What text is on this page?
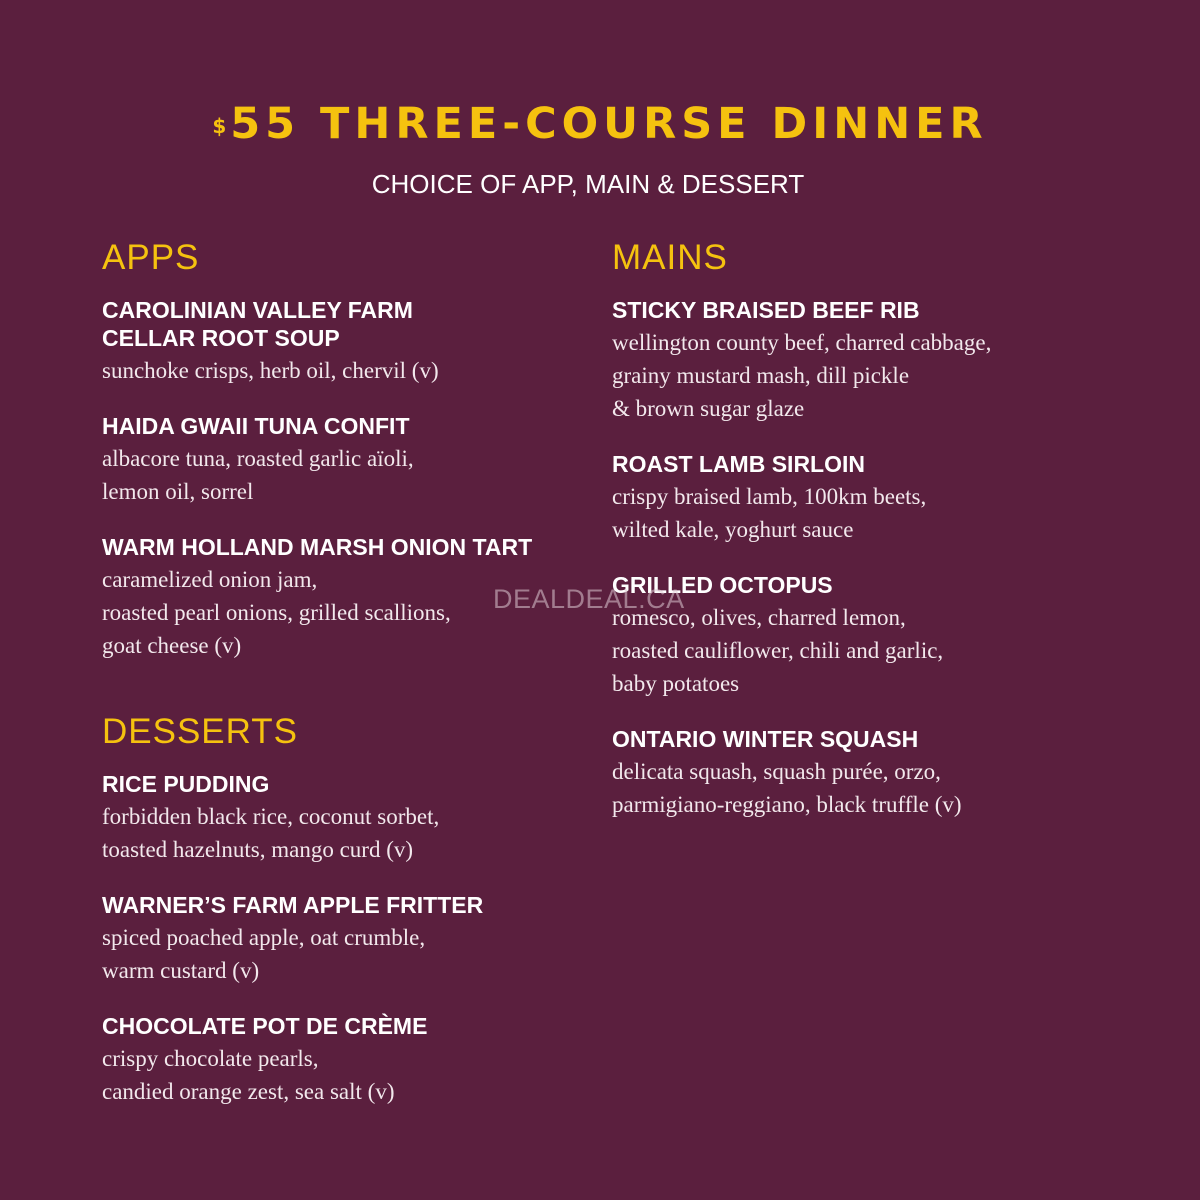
$55 THREE-COURSE DINNER
CHOICE OF APP, MAIN & DESSERT
APPS
CAROLINIAN VALLEY FARM
CELLAR ROOT SOUP
sunchoke crisps, herb oil, chervil (v)
HAIDA GWAII TUNA CONFIT
albacore tuna, roasted garlic aïoli,
lemon oil, sorrel
WARM HOLLAND MARSH ONION TART
caramelized onion jam,
roasted pearl onions, grilled scallions,
goat cheese (v)
DESSERTS
RICE PUDDING
forbidden black rice, coconut sorbet,
toasted hazelnuts, mango curd (v)
WARNER’S FARM APPLE FRITTER
spiced poached apple, oat crumble,
warm custard (v)
CHOCOLATE POT DE CRÈME
crispy chocolate pearls,
candied orange zest, sea salt (v)
MAINS
STICKY BRAISED BEEF RIB
wellington county beef, charred cabbage,
grainy mustard mash, dill pickle
& brown sugar glaze
ROAST LAMB SIRLOIN
crispy braised lamb, 100km beets,
wilted kale, yoghurt sauce
GRILLED OCTOPUS
romesco, olives, charred lemon,
roasted cauliflower, chili and garlic,
baby potatoes
ONTARIO WINTER SQUASH
delicata squash, squash purée, orzo,
parmigiano-reggiano, black truffle (v)
DEALDEAL.CA
